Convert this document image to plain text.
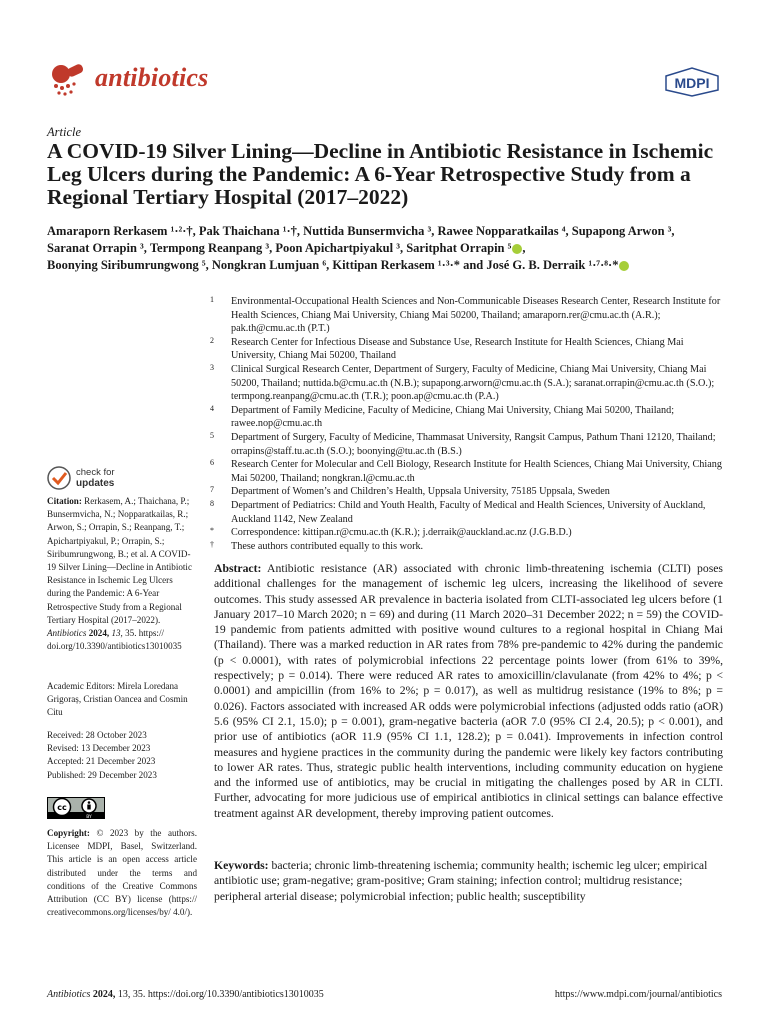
antibiotics	MDPI
Article
A COVID-19 Silver Lining—Decline in Antibiotic Resistance in Ischemic Leg Ulcers during the Pandemic: A 6-Year Retrospective Study from a Regional Tertiary Hospital (2017–2022)
Amaraporn Rerkasem ¹·²·†, Pak Thaichana ¹·†, Nuttida Bunsermvicha ³, Rawee Nopparatkailas ⁴, Supapong Arwon ³,
Saranat Orrapin ³, Termpong Reanpang ³, Poon Apichartpiyakul ³, Saritphat Orrapin ⁵ ,
Boonying Siribumrungwong ⁵, Nongkran Lumjuan ⁶, Kittipan Rerkasem ¹·³·* and José G. B. Derraik ¹·⁷·⁸·*
1 Environmental-Occupational Health Sciences and Non-Communicable Diseases Research Center, Research Institute for Health Sciences, Chiang Mai University, Chiang Mai 50200, Thailand; amaraporn.rer@cmu.ac.th (A.R.); pak.th@cmu.ac.th (P.T.)
2 Research Center for Infectious Disease and Substance Use, Research Institute for Health Sciences, Chiang Mai University, Chiang Mai 50200, Thailand
3 Clinical Surgical Research Center, Department of Surgery, Faculty of Medicine, Chiang Mai University, Chiang Mai 50200, Thailand; nuttida.b@cmu.ac.th (N.B.); supapong.arworn@cmu.ac.th (S.A.); saranat.orrapin@cmu.ac.th (S.O.); termpong.reanpang@cmu.ac.th (T.R.); poon.ap@cmu.ac.th (P.A.)
4 Department of Family Medicine, Faculty of Medicine, Chiang Mai University, Chiang Mai 50200, Thailand; rawee.nop@cmu.ac.th
5 Department of Surgery, Faculty of Medicine, Thammasat University, Rangsit Campus, Pathum Thani 12120, Thailand; orrapins@staff.tu.ac.th (S.O.); boonying@tu.ac.th (B.S.)
6 Research Center for Molecular and Cell Biology, Research Institute for Health Sciences, Chiang Mai University, Chiang Mai 50200, Thailand; nongkran.l@cmu.ac.th
7 Department of Women’s and Children’s Health, Uppsala University, 75185 Uppsala, Sweden
8 Department of Pediatrics: Child and Youth Health, Faculty of Medical and Health Sciences, University of Auckland, Auckland 1142, New Zealand
* Correspondence: kittipan.r@cmu.ac.th (K.R.); j.derraik@auckland.ac.nz (J.G.B.D.)
† These authors contributed equally to this work.
check for
updates
Citation: Rerkasem, A.; Thaichana, P.; Bunsermvicha, N.; Nopparatkailas, R.; Arwon, S.; Orrapin, S.; Reanpang, T.; Apichartpiyakul, P.; Orrapin, S.; Siribumrungwong, B.; et al. A COVID-19 Silver Lining—Decline in Antibiotic Resistance in Ischemic Leg Ulcers during the Pandemic: A 6-Year Retrospective Study from a Regional Tertiary Hospital (2017–2022). Antibiotics 2024, 13, 35. https:// doi.org/10.3390/antibiotics13010035
Academic Editors: Mirela Loredana Grigoraș, Cristian Oancea and Cosmin Citu
Received: 28 October 2023
Revised: 13 December 2023
Accepted: 21 December 2023
Published: 29 December 2023
cc
BY
Copyright: © 2023 by the authors. Licensee MDPI, Basel, Switzerland. This article is an open access article distributed under the terms and conditions of the Creative Commons Attribution (CC BY) license (https:// creativecommons.org/licenses/by/ 4.0/).
Abstract: Antibiotic resistance (AR) associated with chronic limb-threatening ischemia (CLTI) poses additional challenges for the management of ischemic leg ulcers, increasing the likelihood of severe outcomes. This study assessed AR prevalence in bacteria isolated from CLTI-associated leg ulcers before (1 January 2017–10 March 2020; n = 69) and during (11 March 2020–31 December 2022; n = 59) the COVID-19 pandemic from patients admitted with positive wound cultures to a regional hospital in Chiang Mai (Thailand). There was a marked reduction in AR rates from 78% pre-pandemic to 42% during the pandemic (p < 0.0001), with rates of polymicrobial infections 22 percentage points lower (from 61% to 39%, respectively; p = 0.014). There were reduced AR rates to amoxicillin/clavulanate (from 42% to 4%; p < 0.0001) and ampicillin (from 16% to 2%; p = 0.017), as well as multidrug resistance (19% to 8%; p = 0.026). Factors associated with increased AR odds were polymicrobial infections (adjusted odds ratio (aOR) 5.6 (95% CI 2.1, 15.0); p = 0.001), gram-negative bacteria (aOR 7.0 (95% CI 2.4, 20.5); p < 0.001), and prior use of antibiotics (aOR 11.9 (95% CI 1.1, 128.2); p = 0.041). Improvements in infection control measures and hygiene practices in the community during the pandemic were likely key factors contributing to lower AR rates. Thus, strategic public health interventions, including community education on hygiene and the informed use of antibiotics, may be crucial in mitigating the challenges posed by AR in CLTI. Further, advocating for more judicious use of empirical antibiotics in clinical settings can balance effective treatment against AR development, thereby improving patient outcomes.
Keywords: bacteria; chronic limb-threatening ischemia; community health; ischemic leg ulcer; empirical antibiotic use; gram-negative; gram-positive; Gram staining; infection control; multidrug resistance; peripheral arterial disease; polymicrobial infection; public health; susceptibility
Antibiotics 2024, 13, 35. https://doi.org/10.3390/antibiotics13010035	https://www.mdpi.com/journal/antibiotics
